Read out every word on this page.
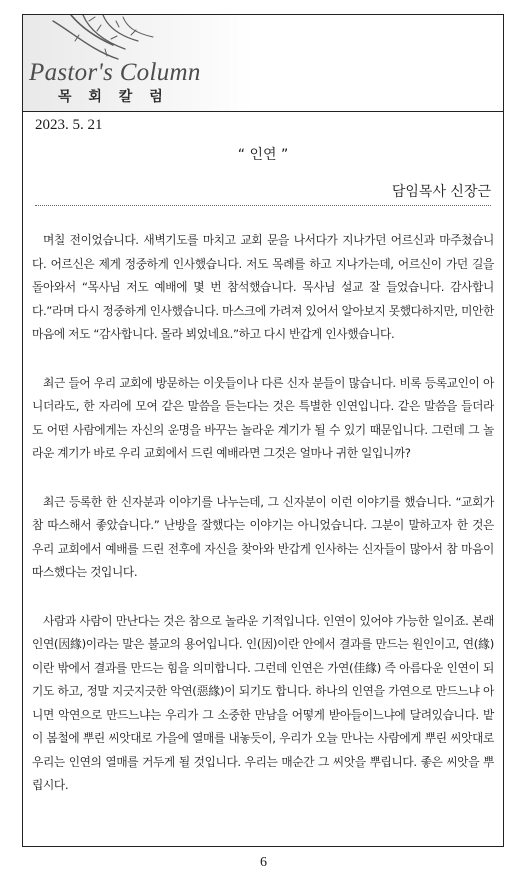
Pastor's Column
목 회 칼 럼
2023. 5. 21
“ 인연 ”
담임목사 신장근

며칠 전이었습니다. 새벽기도를 마치고 교회 문을 나서다가 지나가던 어르신과 마주쳤습니다. 어르신은 제게 정중하게 인사했습니다. 저도 목례를 하고 지나가는데, 어르신이 가던 길을 돌아와서 “목사님 저도 예배에 몇 번 참석했습니다. 목사님 설교 잘 들었습니다. 감사합니다.”라며 다시 정중하게 인사했습니다. 마스크에 가려져 있어서 알아보지 못했다하지만, 미안한 마음에 저도 “감사합니다. 몰라 뵈었네요.”하고 다시 반갑게 인사했습니다.

최근 들어 우리 교회에 방문하는 이웃들이나 다른 신자 분들이 많습니다. 비록 등록교인이 아니더라도, 한 자리에 모여 같은 말씀을 듣는다는 것은 특별한 인연입니다. 같은 말씀을 들더라도 어떤 사람에게는 자신의 운명을 바꾸는 놀라운 계기가 될 수 있기 때문입니다. 그런데 그 놀라운 계기가 바로 우리 교회에서 드린 예배라면 그것은 얼마나 귀한 일입니까?

최근 등록한 한 신자분과 이야기를 나누는데, 그 신자분이 이런 이야기를 했습니다. “교회가 참 따스해서 좋았습니다.” 난방을 잘했다는 이야기는 아니었습니다. 그분이 말하고자 한 것은 우리 교회에서 예배를 드린 전후에 자신을 찾아와 반갑게 인사하는 신자들이 많아서 참 마음이 따스했다는 것입니다.

사람과 사람이 만난다는 것은 참으로 놀라운 기적입니다. 인연이 있어야 가능한 일이죠. 본래 인연(因緣)이라는 말은 불교의 용어입니다. 인(因)이란 안에서 결과를 만드는 원인이고, 연(緣)이란 밖에서 결과를 만드는 힘을 의미합니다. 그런데 인연은 가연(佳緣) 즉 아름다운 인연이 되기도 하고, 정말 지긋지긋한 악연(惡緣)이 되기도 합니다. 하나의 인연을 가연으로 만드느냐 아니면 악연으로 만드느냐는 우리가 그 소중한 만남을 어떻게 받아들이느냐에 달려있습니다. 밭이 봄철에 뿌린 씨앗대로 가을에 열매를 내놓듯이, 우리가 오늘 만나는 사람에게 뿌린 씨앗대로 우리는 인연의 열매를 거두게 될 것입니다. 우리는 매순간 그 씨앗을 뿌립니다. 좋은 씨앗을 뿌립시다.

6
